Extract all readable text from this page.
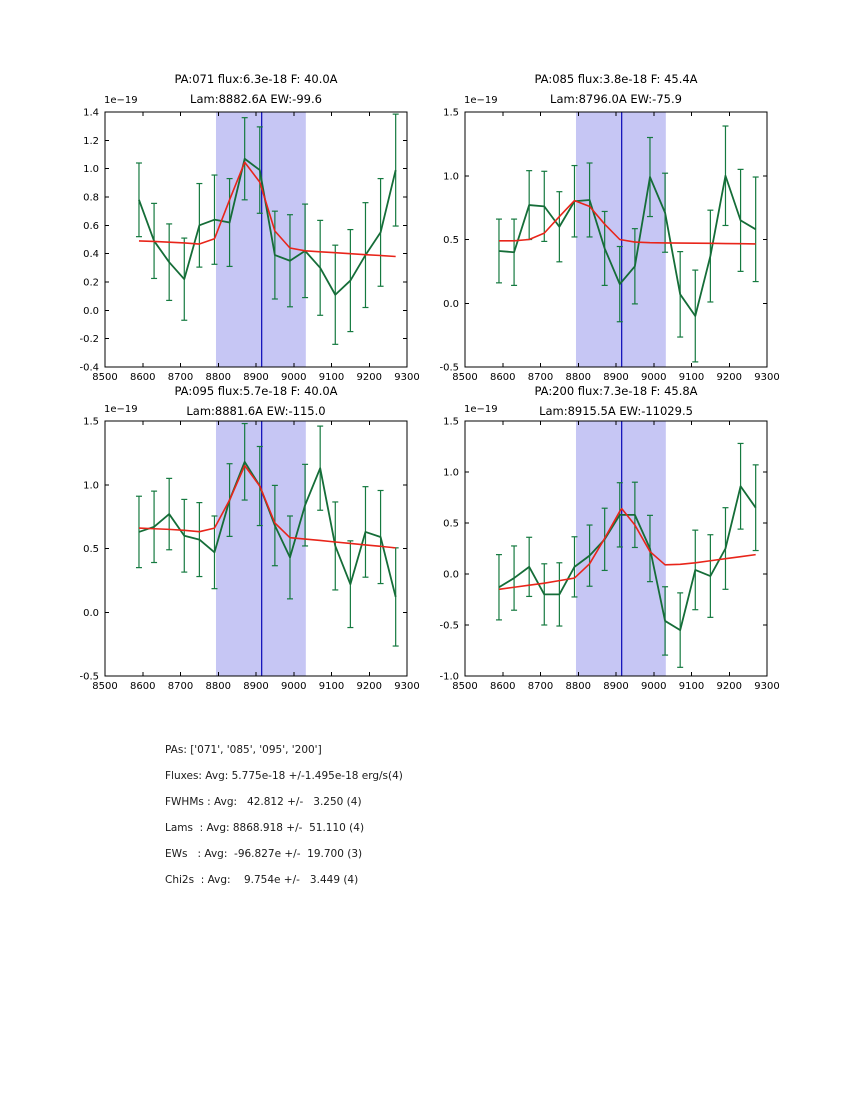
PA:071 flux:6.3e-18 F: 40.0A
Lam:8882.6A EW:-99.6
PA:085 flux:3.8e-18 F: 45.4A
Lam:8796.0A EW:-75.9
PA:095 flux:5.7e-18 F: 40.0A
Lam:8881.6A EW:-115.0
PA:200 flux:7.3e-18 F: 45.8A
Lam:8915.5A EW:-11029.5
1e−19	1e−19
1e−19	1e−19
8500 8600 8700 8800 8900 9000 9100 9200 9300
-0.4
-0.2
0.0
0.2
0.4
0.6
0.8
1.0
1.2
1.4
8500 8600 8700 8800 8900 9000 9100 9200 9300
-0.5
0.0
0.5
1.0
1.5
8500 8600 8700 8800 8900 9000 9100 9200 9300
-0.5
0.0
0.5
1.0
1.5
8500 8600 8700 8800 8900 9000 9100 9200 9300
-1.0
-0.5
0.0
0.5
1.0
1.5
PAs: ['071', '085', '095', '200']
Fluxes: Avg: 5.775e-18 +/-1.495e-18 erg/s(4)
FWHMs : Avg:   42.812 +/-   3.250 (4)
Lams  : Avg: 8868.918 +/-  51.110 (4)
EWs   : Avg:  -96.827e +/-  19.700 (3)
Chi2s  : Avg:    9.754e +/-   3.449 (4)
